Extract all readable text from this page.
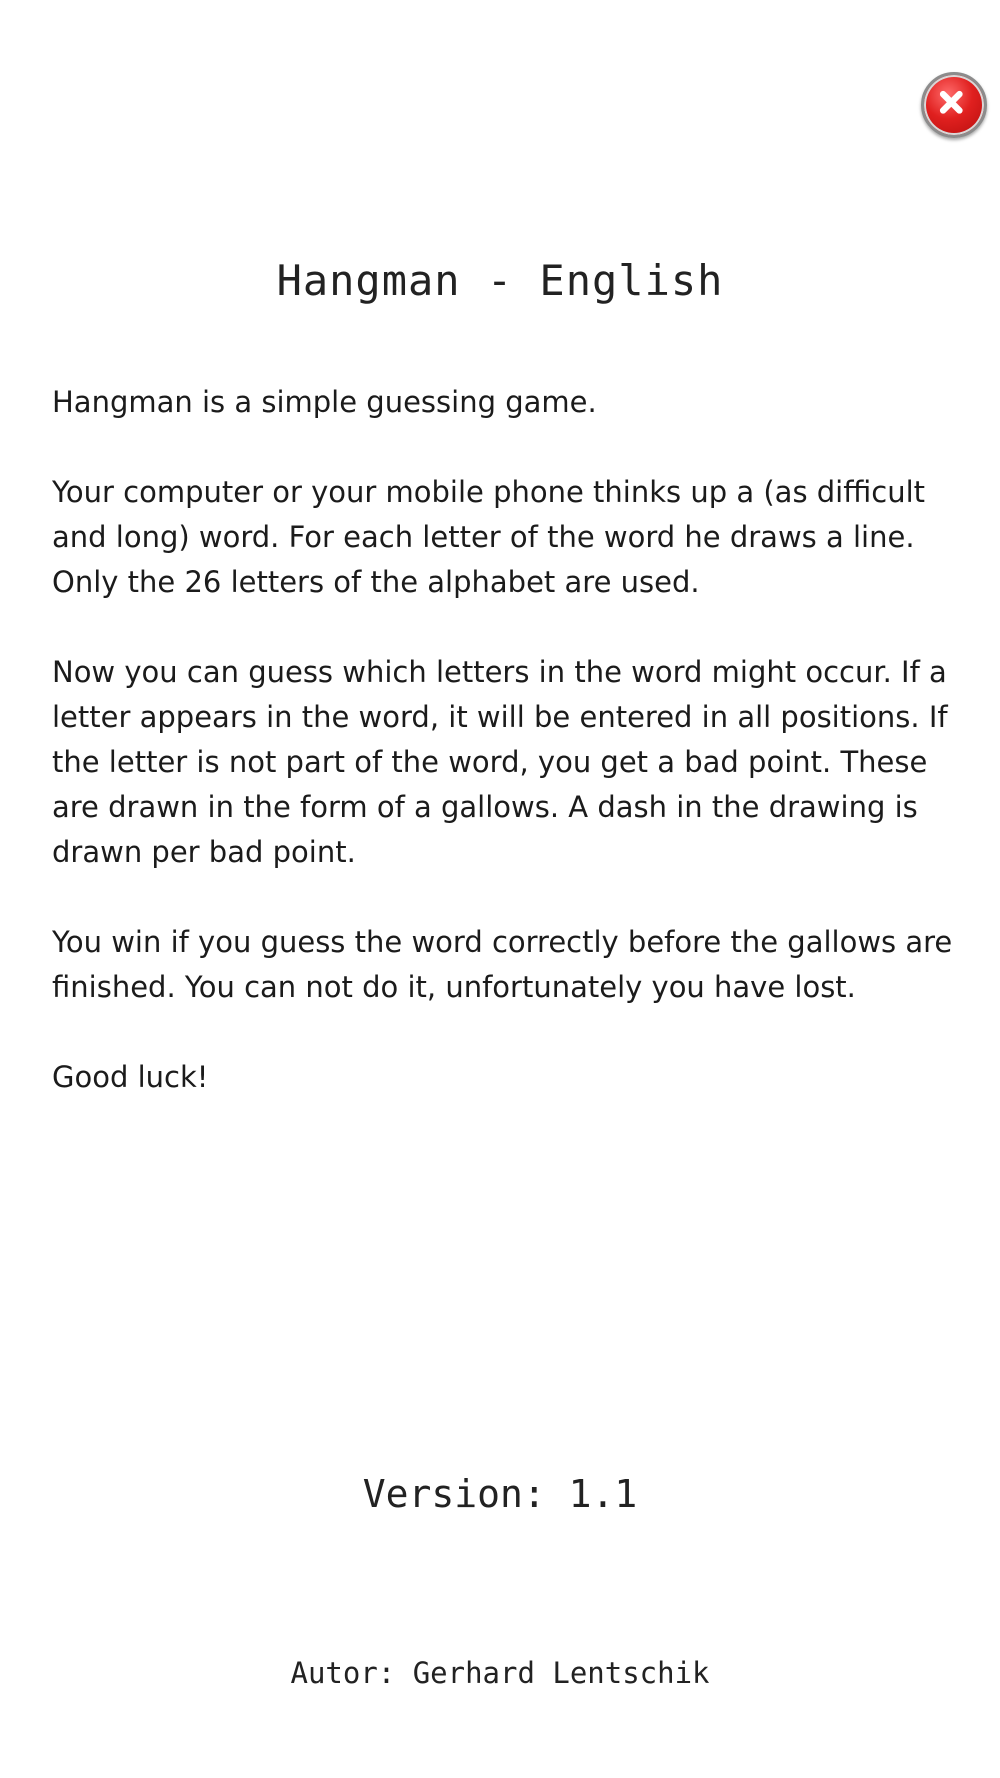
Hangman - English

Hangman is a simple guessing game.

Your computer or your mobile phone thinks up a (as difficult and long) word. For each letter of the word he draws a line. Only the 26 letters of the alphabet are used.

Now you can guess which letters in the word might occur. If a letter appears in the word, it will be entered in all positions. If the letter is not part of the word, you get a bad point. These are drawn in the form of a gallows. A dash in the drawing is drawn per bad point.

You win if you guess the word correctly before the gallows are finished. You can not do it, unfortunately you have lost.

Good luck!

Version: 1.1
Autor: Gerhard Lentschik
